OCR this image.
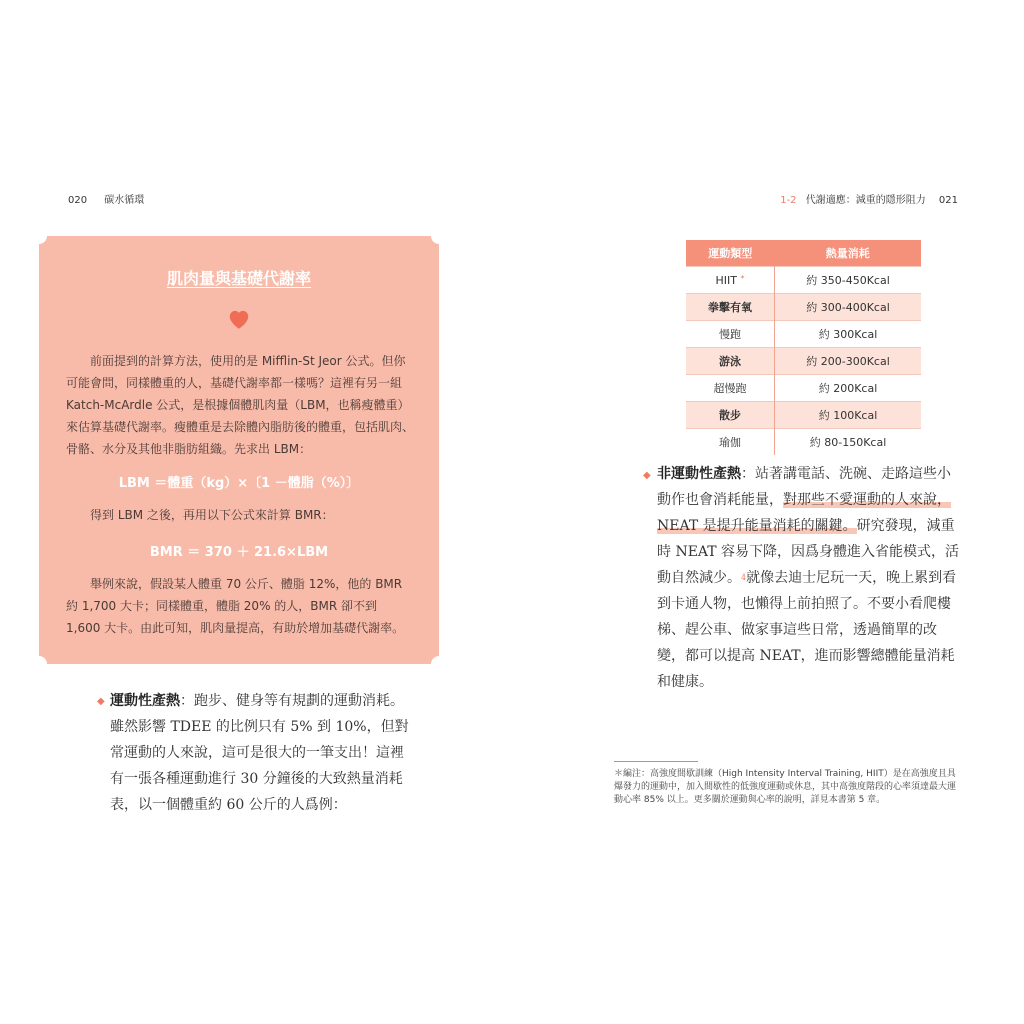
020 碳水循環	1-2 代謝適應：減重的隱形阻力 021
肌肉量與基礎代謝率
前面提到的計算方法，使用的是 Mifflin-St Jeor 公式。但你可能會問，同樣體重的人，基礎代謝率都一樣嗎？這裡有另一組 Katch-McArdle 公式，是根據個體肌肉量（LBM，也稱瘦體重）來估算基礎代謝率。瘦體重是去除體內脂肪後的體重，包括肌肉、骨骼、水分及其他非脂肪組織。先求出 LBM：
LBM ＝體重（kg）×〔1 －體脂（%）〕
得到 LBM 之後，再用以下公式來計算 BMR：
BMR ＝ 370 ＋ 21.6×LBM
舉例來說，假設某人體重 70 公斤、體脂 12%，他的 BMR 約 1,700 大卡；同樣體重，體脂 20% 的人，BMR 卻不到 1,600 大卡。由此可知，肌肉量提高，有助於增加基礎代謝率。
◆ 運動性產熱：跑步、健身等有規劃的運動消耗。雖然影響 TDEE 的比例只有 5% 到 10%，但對常運動的人來說，這可是很大的一筆支出！這裡有一張各種運動進行 30 分鐘後的大致熱量消耗表，以一個體重約 60 公斤的人爲例：
運動類型	熱量消耗
HIIT *	約 350-450Kcal
拳擊有氧	約 300-400Kcal
慢跑	約 300Kcal
游泳	約 200-300Kcal
超慢跑	約 200Kcal
散步	約 100Kcal
瑜伽	約 80-150Kcal
◆ 非運動性產熱：站著講電話、洗碗、走路這些小動作也會消耗能量，對那些不愛運動的人來說，NEAT 是提升能量消耗的關鍵。研究發現，減重時 NEAT 容易下降，因爲身體進入省能模式，活動自然減少。$^4$就像去迪士尼玩一天，晚上累到看到卡通人物，也懶得上前拍照了。不要小看爬樓梯、趕公車、做家事這些日常，透過簡單的改變，都可以提高 NEAT，進而影響總體能量消耗和健康。
＊編注：高強度間歇訓練（High Intensity Interval Training, HIIT）是在高強度且具爆發力的運動中，加入間歇性的低強度運動或休息，其中高強度階段的心率須達最大運動心率 85% 以上。更多關於運動與心率的說明，詳見本書第 5 章。
